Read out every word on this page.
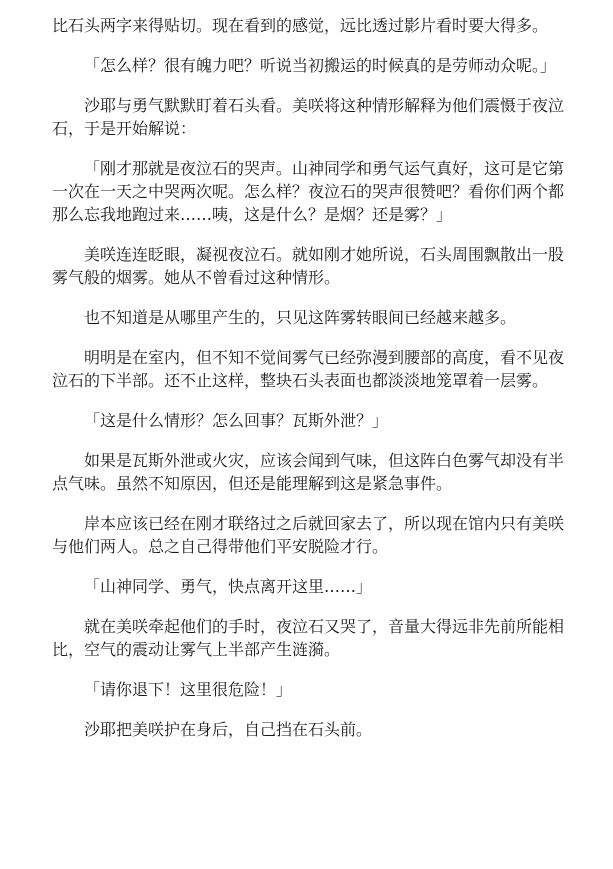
比石头两字来得贴切。现在看到的感觉，远比透过影片看时要大得多。

「怎么样？很有魄力吧？听说当初搬运的时候真的是劳师动众呢。」

沙耶与勇气默默盯着石头看。美咲将这种情形解释为他们震慑于夜泣石，于是开始解说：

「刚才那就是夜泣石的哭声。山神同学和勇气运气真好，这可是它第一次在一天之中哭两次呢。怎么样？夜泣石的哭声很赞吧？看你们两个都那么忘我地跑过来……咦，这是什么？是烟？还是雾？」

美咲连连眨眼，凝视夜泣石。就如刚才她所说，石头周围飘散出一股雾气般的烟雾。她从不曾看过这种情形。

也不知道是从哪里产生的，只见这阵雾转眼间已经越来越多。

明明是在室内，但不知不觉间雾气已经弥漫到腰部的高度，看不见夜泣石的下半部。还不止这样，整块石头表面也都淡淡地笼罩着一层雾。

「这是什么情形？怎么回事？瓦斯外泄？」

如果是瓦斯外泄或火灾，应该会闻到气味，但这阵白色雾气却没有半点气味。虽然不知原因，但还是能理解到这是紧急事件。

岸本应该已经在刚才联络过之后就回家去了，所以现在馆内只有美咲与他们两人。总之自己得带他们平安脱险才行。

「山神同学、勇气，快点离开这里……」

就在美咲牵起他们的手时，夜泣石又哭了，音量大得远非先前所能相比，空气的震动让雾气上半部产生涟漪。

「请你退下！这里很危险！」

沙耶把美咲护在身后，自己挡在石头前。
